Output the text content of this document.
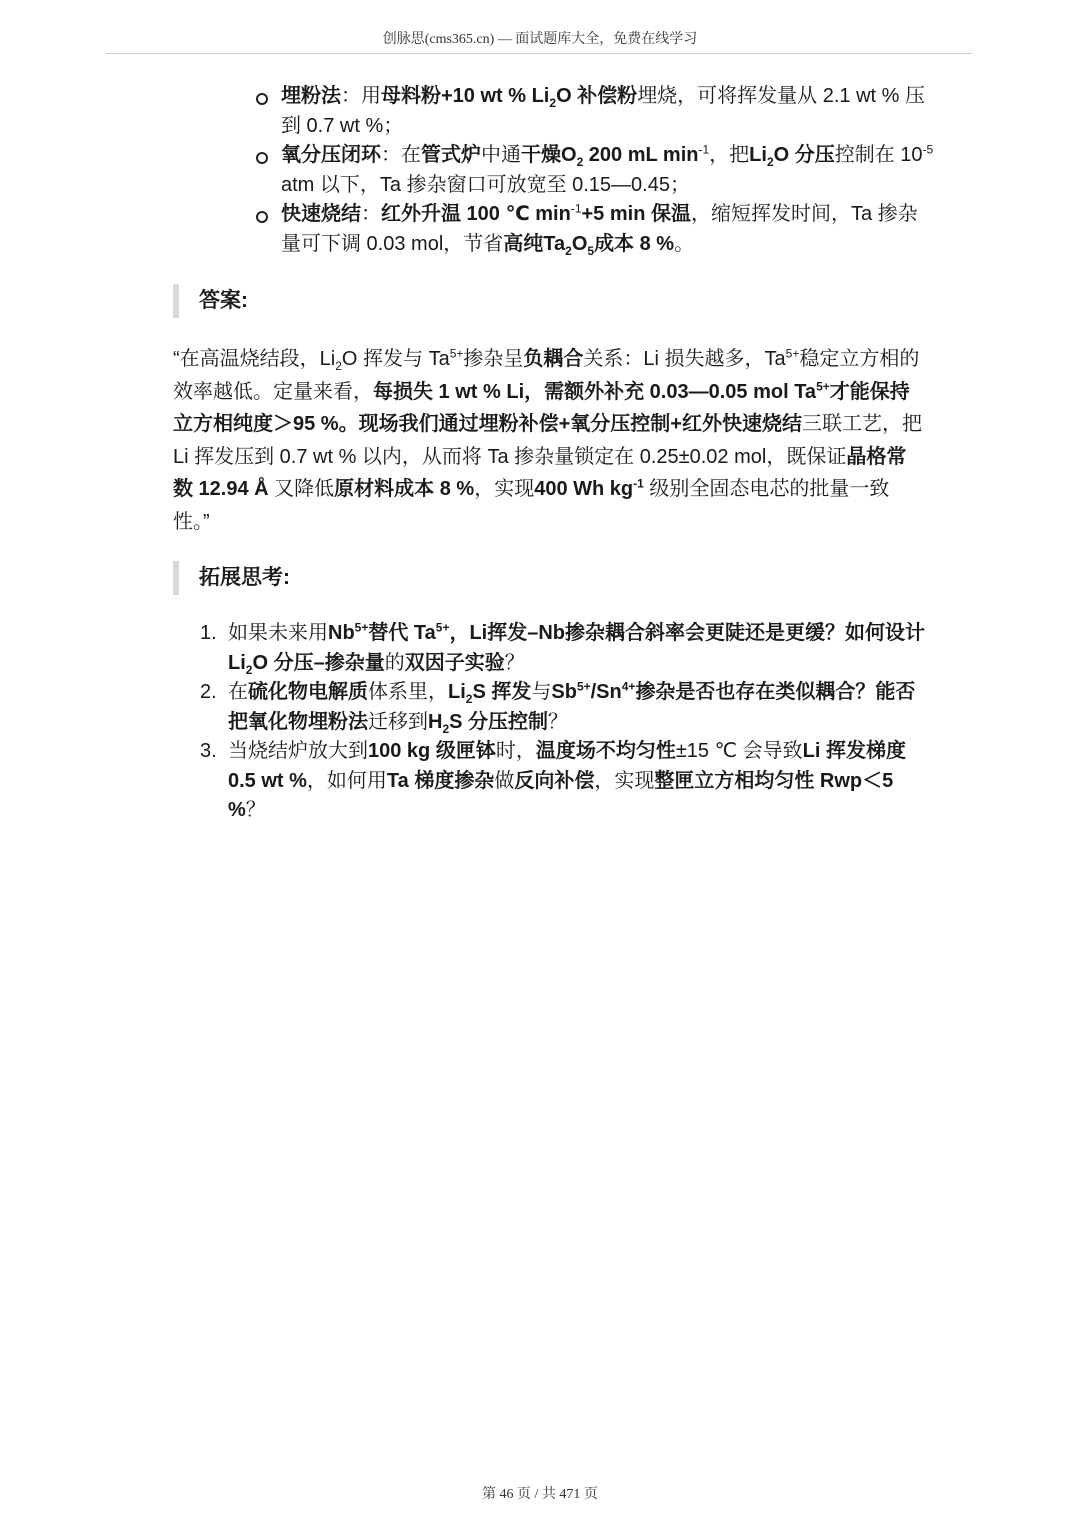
创脉思(cms365.cn) — 面试题库大全，免费在线学习
埋粉法：用母料粉+10 wt % $Li_2O$ 补偿粉埋烧，可将挥发量从 2.1 wt % 压到 0.7 wt %；
氧分压闭环：在管式炉中通干燥$O_2$ 200 mL $\min^{-1}$，把$Li_2O$ 分压控制在 $10^{-5}$ atm 以下，Ta 掺杂窗口可放宽至 0.15—0.45；
快速烧结：红外升温 100 ℃ $\min^{-1}+5$ min 保温，缩短挥发时间，Ta 掺杂量可下调 0.03 mol，节省高纯$Ta_2O_5$成本 8 %。
答案:
“在高温烧结段，$Li_2O$ 挥发与 $Ta^{5+}$掺杂呈负耦合关系：Li 损失越多，$Ta^{5+}$稳定立方相的效率越低。定量来看，每损失 1 wt % Li，需额外补充 0.03—0.05 mol $Ta^{5+}$才能保持立方相纯度＞95 %。现场我们通过埋粉补偿+氧分压控制+红外快速烧结三联工艺，把 Li 挥发压到 0.7 wt % 以内，从而将 Ta 掺杂量锁定在 0.25±0.02 mol，既保证晶格常数 12.94 Å 又降低原材料成本 8 %，实现400 Wh $kg^{-1}$ 级别全固态电芯的批量一致性。”
拓展思考:
1. 如果未来用$Nb^{5+}$替代 $Ta^{5+}$，Li挥发–Nb掺杂耦合斜率会更陡还是更缓？如何设计$Li_2O$ 分压–掺杂量的双因子实验？
2. 在硫化物电解质体系里，$Li_2S$ 挥发与$Sb^{5+}/Sn^{4+}$掺杂是否也存在类似耦合？能否把氧化物埋粉法迁移到$H_2S$ 分压控制？
3. 当烧结炉放大到100 kg 级匣钵时，温度场不均匀性±15 ℃ 会导致Li 挥发梯度 0.5 wt %，如何用Ta 梯度掺杂做反向补偿，实现整匣立方相均匀性 Rwp＜5 %？
第 46 页 / 共 471 页
